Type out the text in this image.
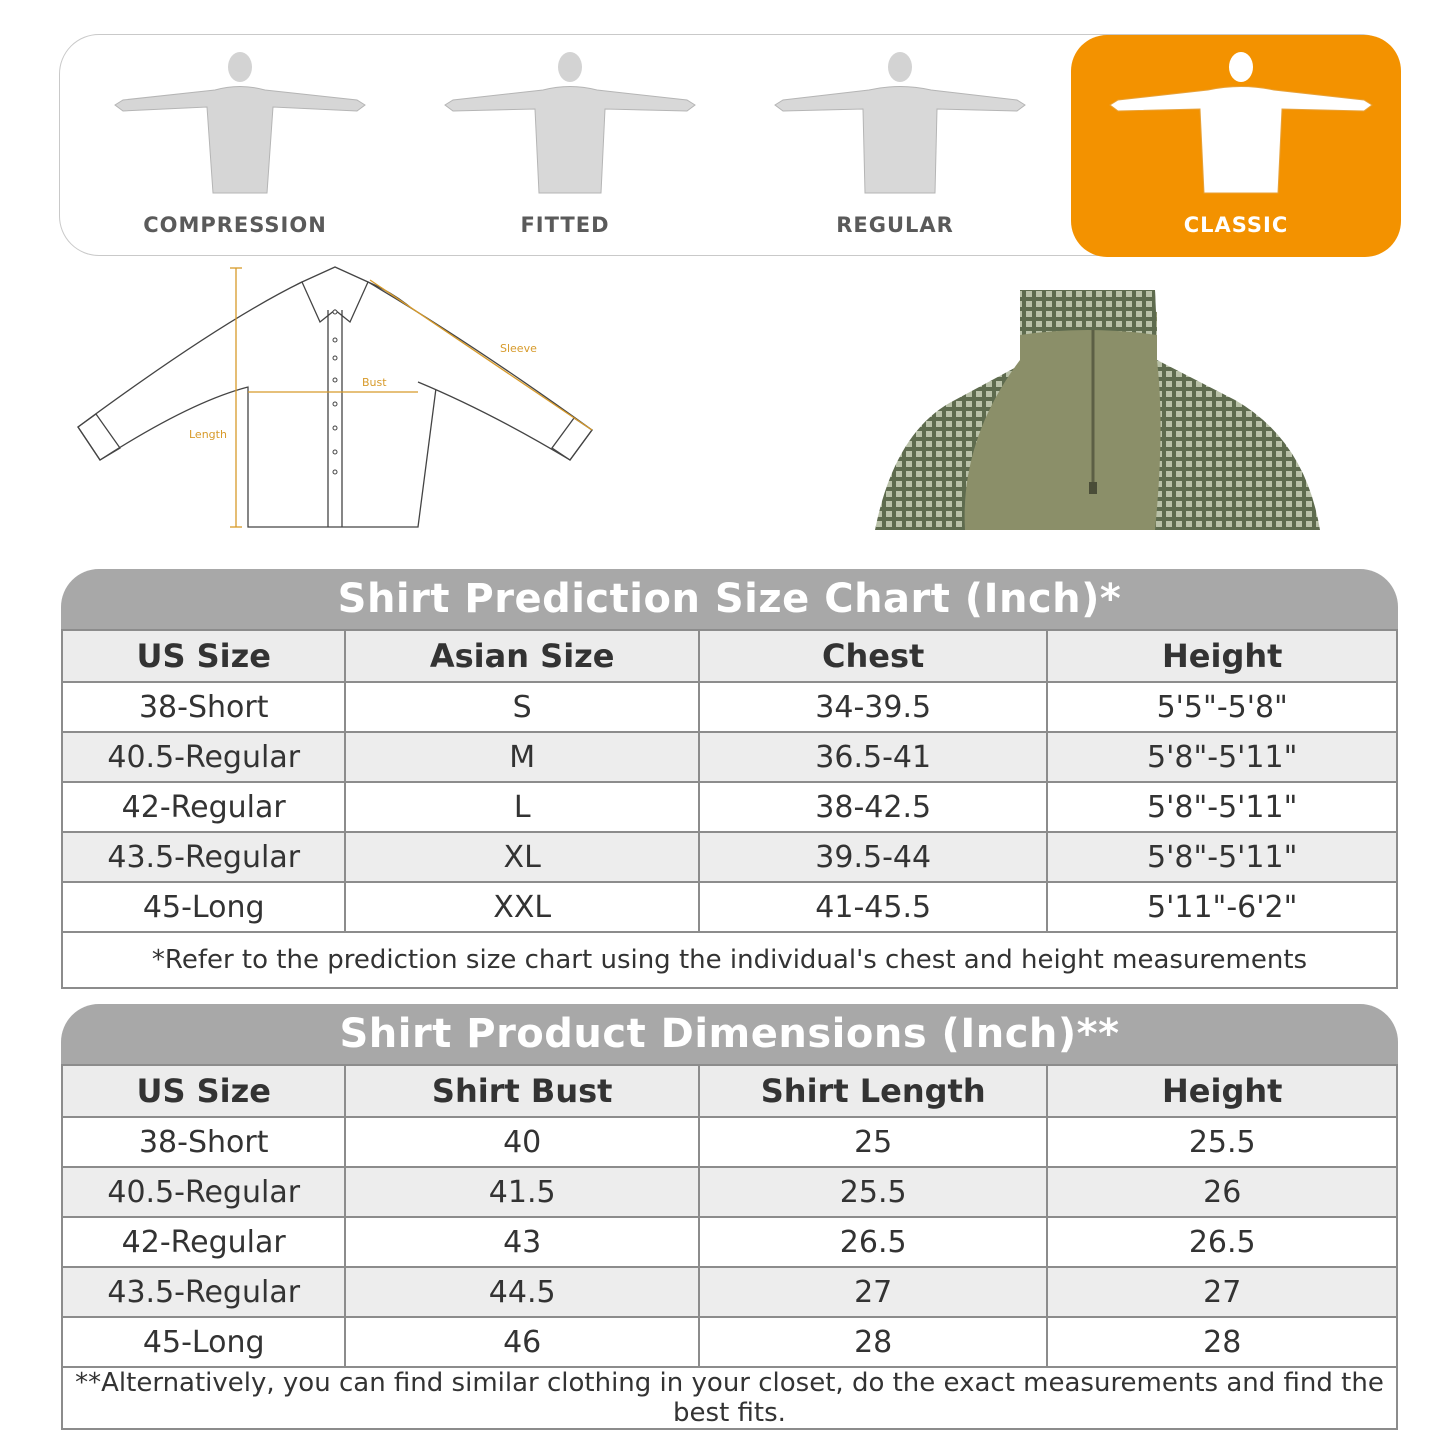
COMPRESSION	FITTED	REGULAR	CLASSIC
Sleeve
Bust
Length
Shirt Prediction Size Chart (Inch)*
US Size	Asian Size	Chest	Height
38-Short	S	34-39.5	5'5"-5'8"
40.5-Regular	M	36.5-41	5'8"-5'11"
42-Regular	L	38-42.5	5'8"-5'11"
43.5-Regular	XL	39.5-44	5'8"-5'11"
45-Long	XXL	41-45.5	5'11"-6'2"
*Refer to the prediction size chart using the individual's chest and height measurements			
Shirt Product Dimensions (Inch)**
US Size	Shirt Bust	Shirt Length	Height
38-Short	40	25	25.5
40.5-Regular	41.5	25.5	26
42-Regular	43	26.5	26.5
43.5-Regular	44.5	27	27
45-Long	46	28	28
**Alternatively, you can find similar clothing in your closet, do the exact measurements and find the best fits.			
